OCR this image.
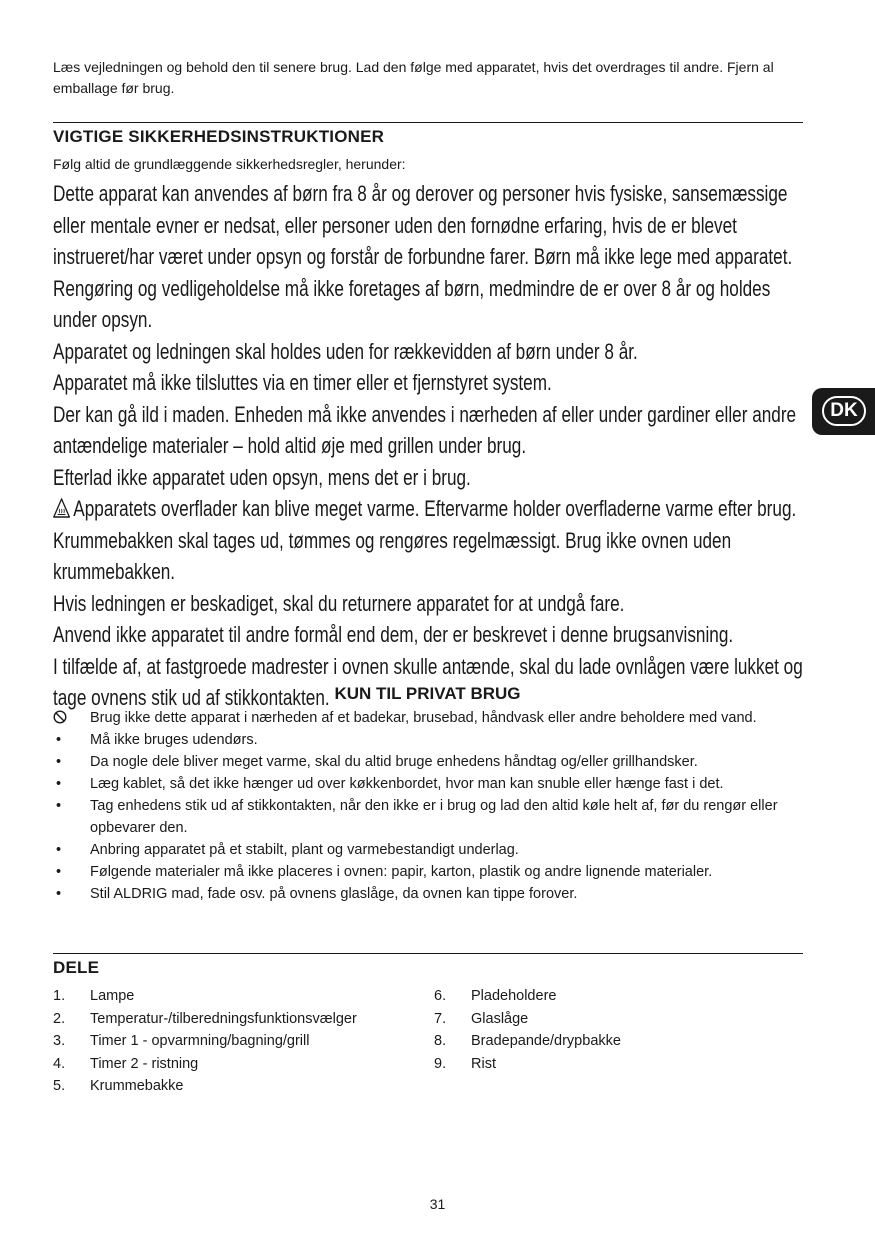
Læs vejledningen og behold den til senere brug. Lad den følge med apparatet, hvis det overdrages til andre. Fjern al emballage før brug.

VIGTIGE SIKKERHEDSINSTRUKTIONER

Følg altid de grundlæggende sikkerhedsregler, herunder:

Dette apparat kan anvendes af børn fra 8 år og derover og personer hvis fysiske, sansemæssige eller mentale evner er nedsat, eller personer uden den fornødne erfaring, hvis de er blevet instrueret/har været under opsyn og forstår de forbundne farer. Børn må ikke lege med apparatet. Rengøring og vedligeholdelse må ikke foretages af børn, medmindre de er over 8 år og holdes under opsyn.

Apparatet og ledningen skal holdes uden for rækkevidden af børn under 8 år.

Apparatet må ikke tilsluttes via en timer eller et fjernstyret system.

Der kan gå ild i maden. Enheden må ikke anvendes i nærheden af eller under gardiner eller andre antændelige materialer – hold altid øje med grillen under brug.

Efterlad ikke apparatet uden opsyn, mens det er i brug.

Apparatets overflader kan blive meget varme. Eftervarme holder overfladerne varme efter brug.

Krummebakken skal tages ud, tømmes og rengøres regelmæssigt. Brug ikke ovnen uden krummebakken.

Hvis ledningen er beskadiget, skal du returnere apparatet for at undgå fare.

Anvend ikke apparatet til andre formål end dem, der er beskrevet i denne brugsanvisning.

I tilfælde af, at fastgroede madrester i ovnen skulle antænde, skal du lade ovnlågen være lukket og tage ovnens stik ud af stikkontakten.

DK
KUN TIL PRIVAT BRUG
Brug ikke dette apparat i nærheden af et badekar, brusebad, håndvask eller andre beholdere med vand.
•	Må ikke bruges udendørs.
•	Da nogle dele bliver meget varme, skal du altid bruge enhedens håndtag og/eller grillhandsker.
•	Læg kablet, så det ikke hænger ud over køkkenbordet, hvor man kan snuble eller hænge fast i det.
•	Tag enhedens stik ud af stikkontakten, når den ikke er i brug og lad den altid køle helt af, før du rengør eller opbevarer den.
•	Anbring apparatet på et stabilt, plant og varmebestandigt underlag.
•	Følgende materialer må ikke placeres i ovnen: papir, karton, plastik og andre lignende materialer.
•	Stil ALDRIG mad, fade osv. på ovnens glaslåge, da ovnen kan tippe forover.
DELE
1. Lampe
2. Temperatur-/tilberedningsfunktionsvælger
3. Timer 1 - opvarmning/bagning/grill
4. Timer 2 - ristning
5. Krummebakke
6. Pladeholdere
7. Glaslåge
8. Bradepande/drypbakke
9. Rist

31
